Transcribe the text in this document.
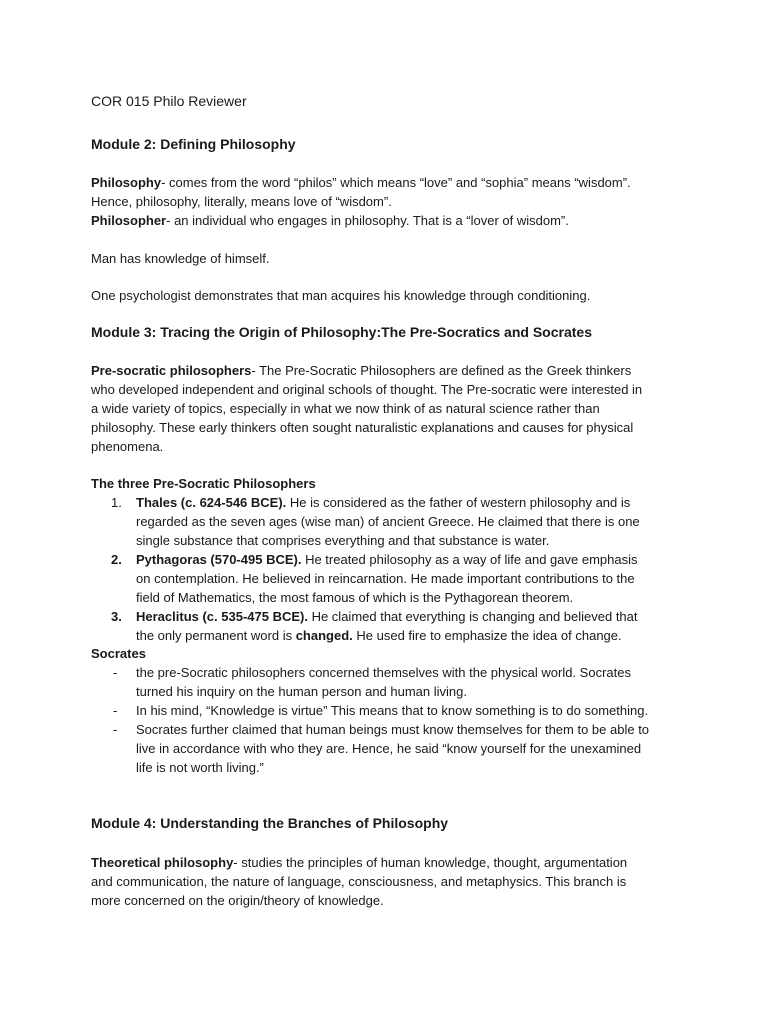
COR 015 Philo Reviewer
Module 2: Defining Philosophy

Philosophy- comes from the word “philos” which means “love” and “sophia” means “wisdom”. Hence, philosophy, literally, means love of “wisdom”.

Philosopher- an individual who engages in philosophy. That is a “lover of wisdom”.

Man has knowledge of himself.

One psychologist demonstrates that man acquires his knowledge through conditioning.

Module 3: Tracing the Origin of Philosophy:The Pre-Socratics and Socrates

Pre-socratic philosophers- The Pre-Socratic Philosophers are defined as the Greek thinkers who developed independent and original schools of thought. The Pre-socratic were interested in a wide variety of topics, especially in what we now think of as natural science rather than philosophy. These early thinkers often sought naturalistic explanations and causes for physical phenomena.

The three Pre-Socratic Philosophers

1. Thales (c. 624-546 BCE). He is considered as the father of western philosophy and is regarded as the seven ages (wise man) of ancient Greece. He claimed that there is one single substance that comprises everything and that substance is water.
2. Pythagoras (570-495 BCE). He treated philosophy as a way of life and gave emphasis on contemplation. He believed in reincarnation. He made important contributions to the field of Mathematics, the most famous of which is the Pythagorean theorem.
3. Heraclitus (c. 535-475 BCE). He claimed that everything is changing and believed that the only permanent word is changed. He used fire to emphasize the idea of change.

Socrates

- the pre-Socratic philosophers concerned themselves with the physical world. Socrates turned his inquiry on the human person and human living.
- In his mind, “Knowledge is virtue” This means that to know something is to do something.
- Socrates further claimed that human beings must know themselves for them to be able to live in accordance with who they are. Hence, he said “know yourself for the unexamined life is not worth living.”
Module 4: Understanding the Branches of Philosophy

Theoretical philosophy- studies the principles of human knowledge, thought, argumentation and communication, the nature of language, consciousness, and metaphysics. This branch is more concerned on the origin/theory of knowledge.
